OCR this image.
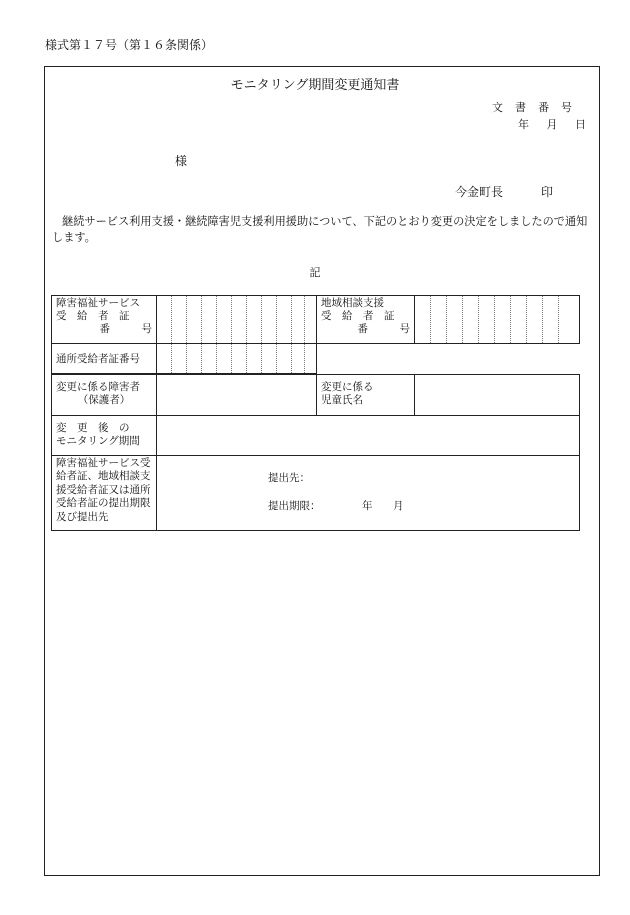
様式第１７号（第１６条関係）
モニタリング期間変更通知書
文書番号
年 月 日
様
今金町長	印
継続サービス利用支援・継続障害児支援利用援助について、下記のとおり変更の決定をしましたので通知します。
記
障害福祉サービス
受　給　者　証
番　　　号
地域相談支援
受　給　者　証
番　　　号
通所受給者証番号
変更に係る障害者
（保護者）
変更に係る
児童氏名
変　更　後　の
モニタリング期間
障害福祉サービス受
給者証、地域相談支
援受給者証又は通所
受給者証の提出期限
及び提出先
提出先：
提出期限：	年 月
